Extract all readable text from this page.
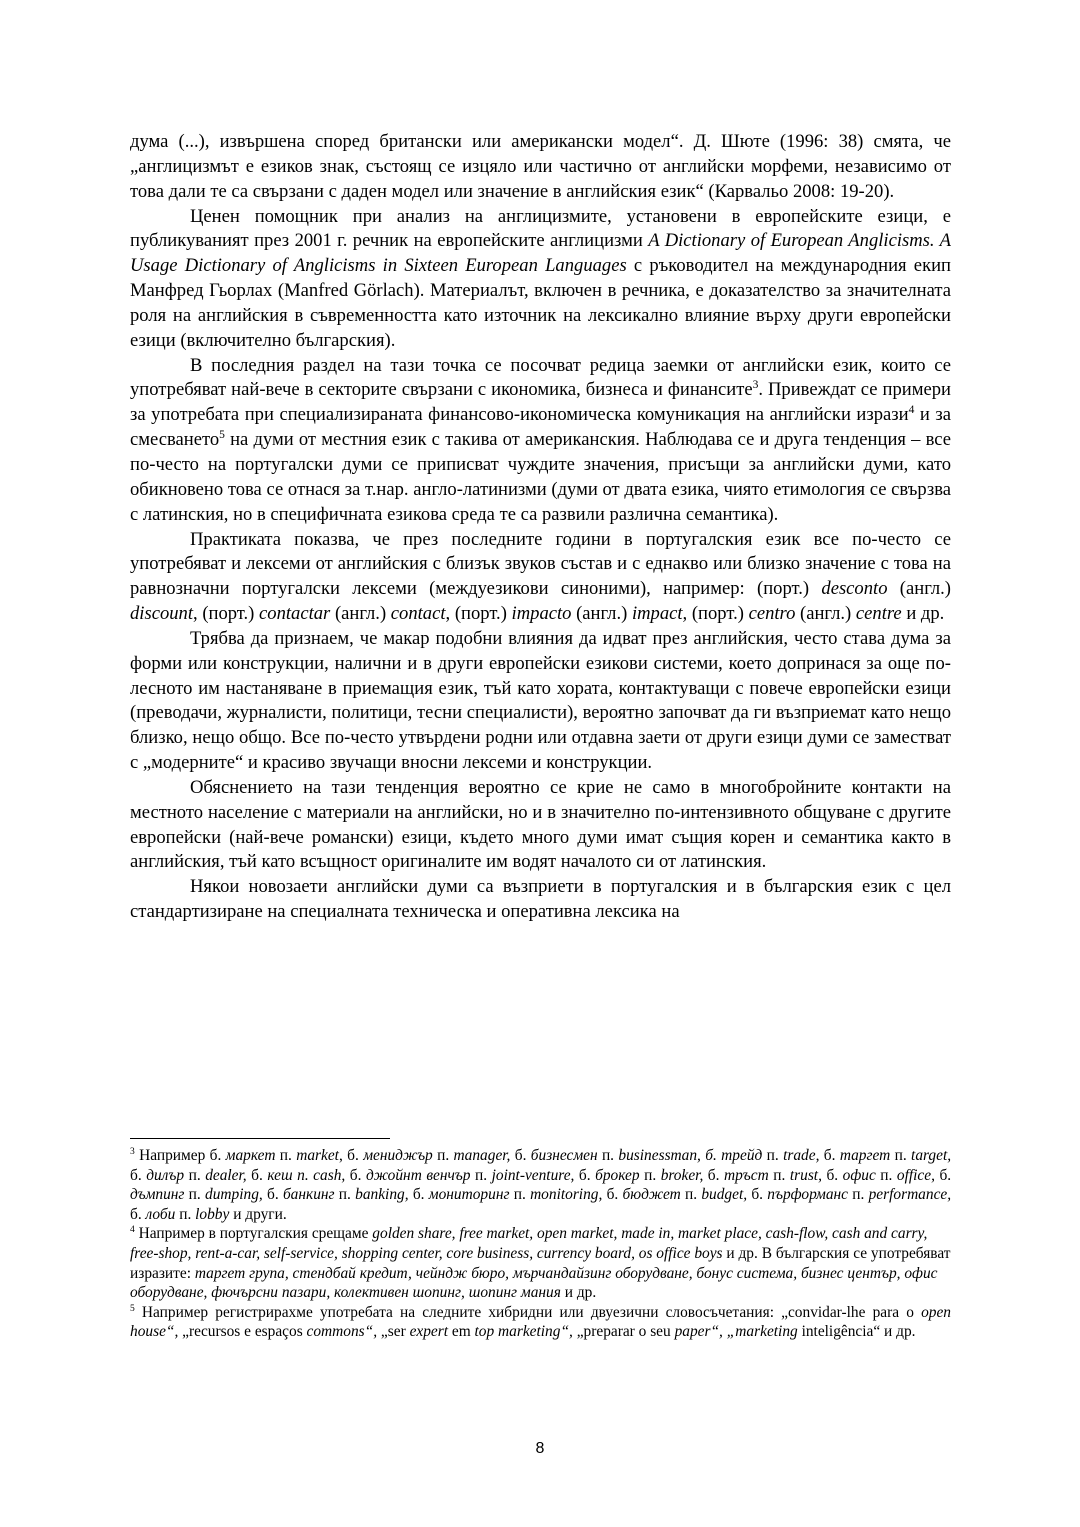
дума (...), извършена според британски или американски модел“. Д. Шюте (1996: 38) смята, че „англицизмът е езиков знак, състоящ се изцяло или частично от английски морфеми, независимо от това дали те са свързани с даден модел или значение в английския език“ (Карвальо 2008: 19-20).

Ценен помощник при анализ на англицизмите, установени в европейските езици, е публикуваният през 2001 г. речник на европейските англицизми A Dictionary of European Anglicisms. A Usage Dictionary of Anglicisms in Sixteen European Languages с ръководител на международния екип Манфред Гьорлах (Manfred Görlach). Материалът, включен в речника, е доказателство за значителната роля на английския в съвременността като източник на лексикално влияние върху други европейски езици (включително българския).

В последния раздел на тази точка се посочват редица заемки от английски език, които се употребяват най-вече в секторите свързани с икономика, бизнеса и финансите$^3$. Привеждат се примери за употребата при специализираната финансово-икономическа комуникация на английски изрази$^4$ и за смесването$^5$ на думи от местния език с такива от американския. Наблюдава се и друга тенденция – все по-често на португалски думи се приписват чуждите значения, присъщи за английски думи, като обикновено това се отнася за т.нар. англо-латинизми (думи от двата езика, чиято етимология се свързва с латинския, но в специфичната езикова среда те са развили различна семантика).

Практиката показва, че през последните години в португалския език все по-често се употребяват и лексеми от английския с близък звуков състав и с еднакво или близко значение с това на равнозначни португалски лексеми (междуезикови синоними), например: (порт.) desconto (англ.) discount, (порт.) contactar (англ.) contact, (порт.) impacto (англ.) impact, (порт.) centro (англ.) centre и др.

Трябва да признаем, че макар подобни влияния да идват през английския, често става дума за форми или конструкции, налични и в други европейски езикови системи, което допринася за още по-лесното им настаняване в приемащия език, тъй като хората, контактуващи с повече европейски езици (преводачи, журналисти, политици, тесни специалисти), вероятно започват да ги възприемат като нещо близко, нещо общо. Все по-често утвърдени родни или отдавна заети от други езици думи се заместват с „модерните“ и красиво звучащи вносни лексеми и конструкции.

Обяснението на тази тенденция вероятно се крие не само в многобройните контакти на местното население с материали на английски, но и в значително по-интензивното общуване с другите европейски (най-вече романски) езици, където много думи имат същия корен и семантика както в английския, тъй като всъщност оригиналите им водят началото си от латинския.

Някои новозаети английски думи са възприети в португалския и в българския език с цел стандартизиране на специалната техническа и оперативна лексика на

$^3$ Например б. маркет п. market, б. мениджър п. manager, б. бизнесмен п. businessman, б. трейд п. trade, б. таргет п. target, б. дилър п. dealer, б. кеш п. cash, б. джойнт венчър п. joint-venture, б. брокер п. broker, б. тръст п. trust, б. офис п. office, б. дъмпинг п. dumping, б. банкинг п. banking, б. мониторинг п. monitoring, б. бюджет п. budget, б. пърформанс п. performance, б. лоби п. lobby и други.

$^4$ Например в португалския срещаме golden share, free market, open market, made in, market place, cash-flow, cash and carry, free-shop, rent-a-car, self-service, shopping center, core business, currency board, os office boys и др. В българския се употребяват изразите: таргет група, стендбай кредит, чейндж бюро, мърчандайзинг оборудване, бонус система, бизнес център, офис оборудване, фючърсни пазари, колективен шопинг, шопинг мания и др.

$^5$ Например регистрирахме употребата на следните хибридни или двуезични словосъчетания: „convidar-lhe para o open house“, „recursos e espaços commons“, „ser expert em top marketing“, „preparar o seu paper“, „marketing inteligência“ и др.

8
